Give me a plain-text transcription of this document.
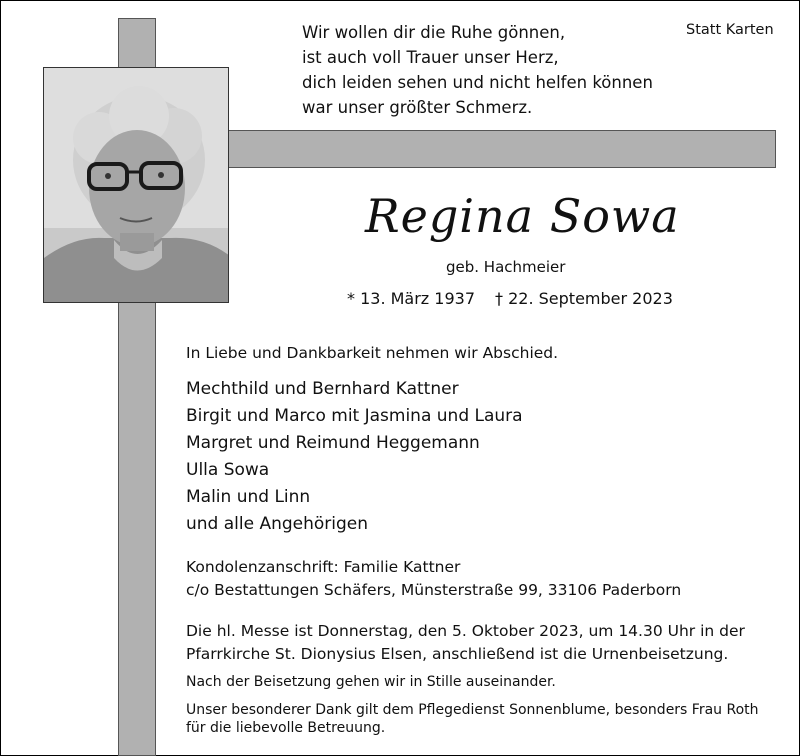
Wir wollen dir die Ruhe gönnen,
ist auch voll Trauer unser Herz,
dich leiden sehen und nicht helfen können
war unser größter Schmerz.
Statt Karten
Regina Sowa
geb. Hachmeier
* 13. März 1937 † 22. September 2023
In Liebe und Dankbarkeit nehmen wir Abschied.
Mechthild und Bernhard Kattner
Birgit und Marco mit Jasmina und Laura
Margret und Reimund Heggemann
Ulla Sowa
Malin und Linn
und alle Angehörigen
Kondolenzanschrift: Familie Kattner
c/o Bestattungen Schäfers, Münsterstraße 99, 33106 Paderborn
Die hl. Messe ist Donnerstag, den 5. Oktober 2023, um 14.30 Uhr in der
Pfarrkirche St. Dionysius Elsen, anschließend ist die Urnenbeisetzung.
Nach der Beisetzung gehen wir in Stille auseinander.
Unser besonderer Dank gilt dem Pflegedienst Sonnenblume, besonders Frau Roth
für die liebevolle Betreuung.
